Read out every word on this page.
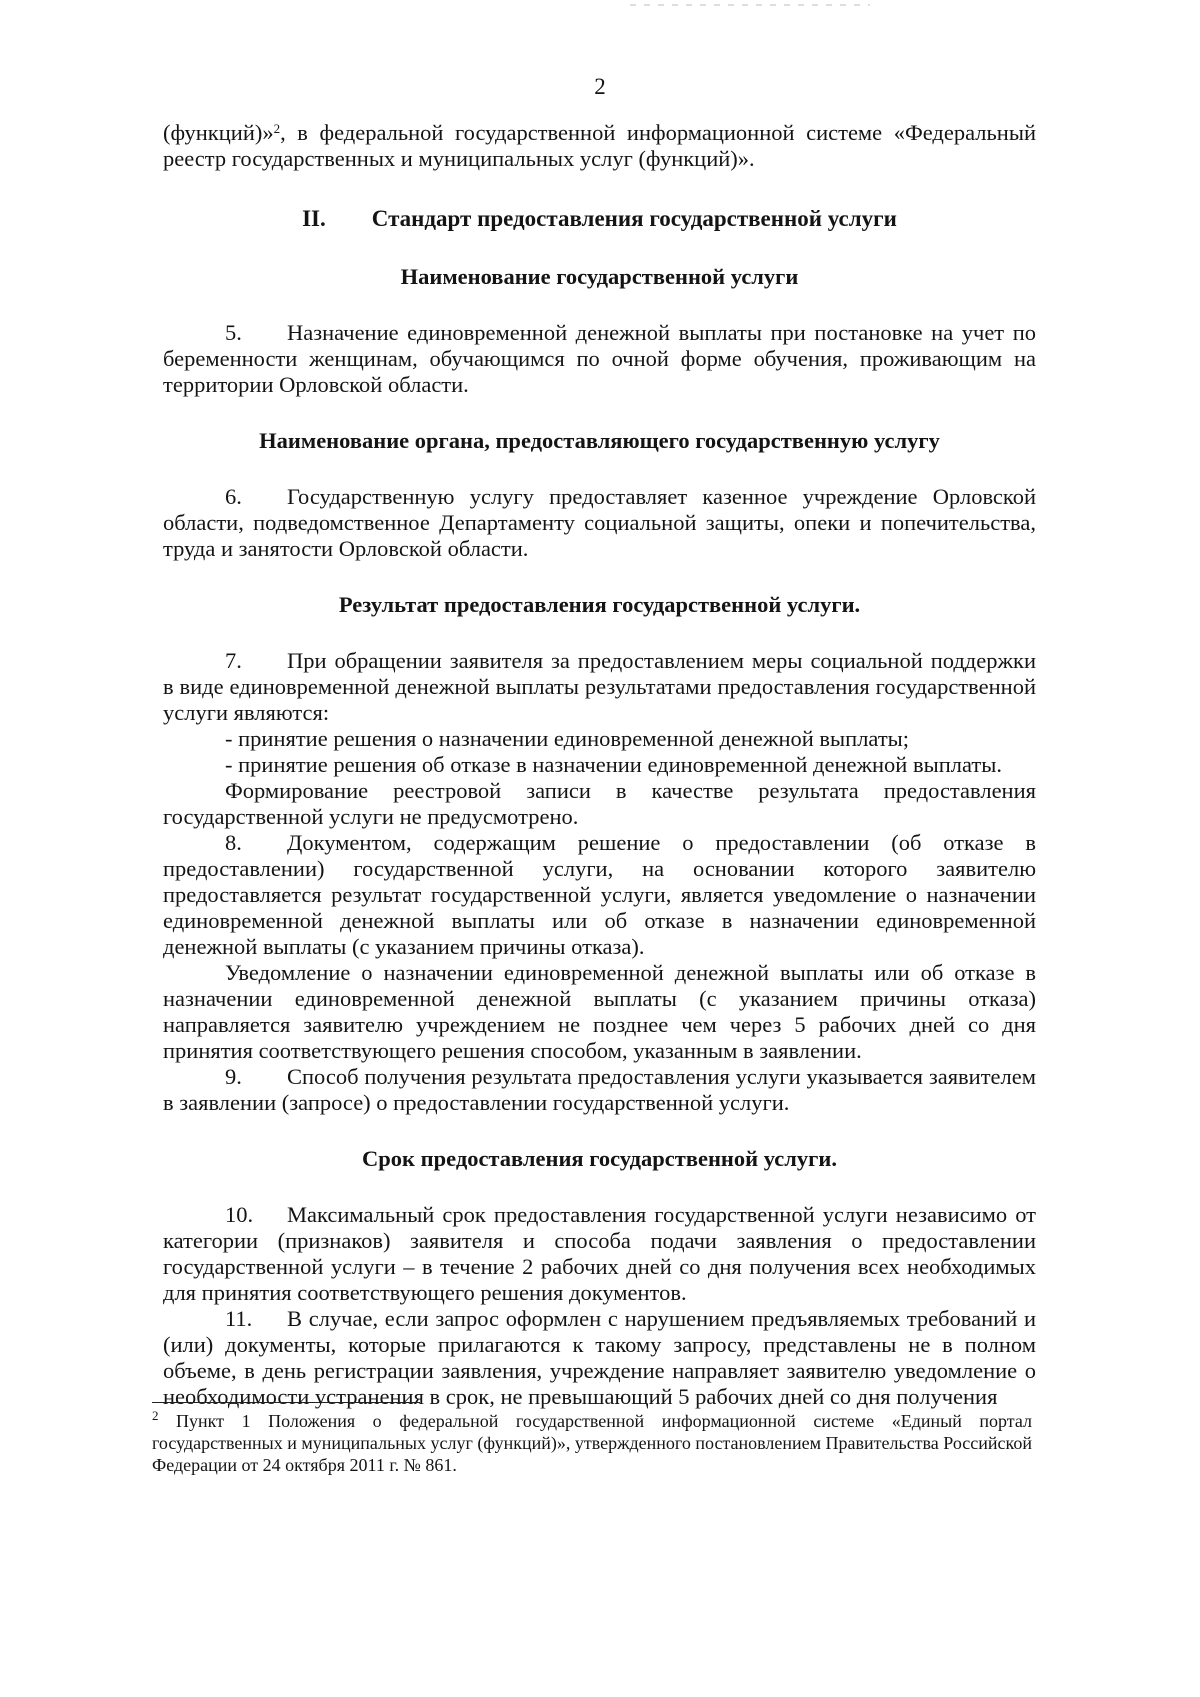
2

(функций)»$^2$, в федеральной государственной информационной системе «Федеральный реестр государственных и муниципальных услуг (функций)».

II. Стандарт предоставления государственной услуги
Наименование государственной услуги

5. Назначение единовременной денежной выплаты при постановке на учет по беременности женщинам, обучающимся по очной форме обучения, проживающим на территории Орловской области.

Наименование органа, предоставляющего государственную услугу

6. Государственную услугу предоставляет казенное учреждение Орловской области, подведомственное Департаменту социальной защиты, опеки и попечительства, труда и занятости Орловской области.

Результат предоставления государственной услуги.

7. При обращении заявителя за предоставлением меры социальной поддержки в виде единовременной денежной выплаты результатами предоставления государственной услуги являются:

- принятие решения о назначении единовременной денежной выплаты;

- принятие решения об отказе в назначении единовременной денежной выплаты.

Формирование реестровой записи в качестве результата предоставления государственной услуги не предусмотрено.

8. Документом, содержащим решение о предоставлении (об отказе в предоставлении) государственной услуги, на основании которого заявителю предоставляется результат государственной услуги, является уведомление о назначении единовременной денежной выплаты или об отказе в назначении единовременной денежной выплаты (с указанием причины отказа).

Уведомление о назначении единовременной денежной выплаты или об отказе в назначении единовременной денежной выплаты (с указанием причины отказа) направляется заявителю учреждением не позднее чем через 5 рабочих дней со дня принятия соответствующего решения способом, указанным в заявлении.

9. Способ получения результата предоставления услуги указывается заявителем в заявлении (запросе) о предоставлении государственной услуги.

Срок предоставления государственной услуги.

10. Максимальный срок предоставления государственной услуги независимо от категории (признаков) заявителя и способа подачи заявления о предоставлении государственной услуги – в течение 2 рабочих дней со дня получения всех необходимых для принятия соответствующего решения документов.

11. В случае, если запрос оформлен с нарушением предъявляемых требований и (или) документы, которые прилагаются к такому запросу, представлены не в полном объеме, в день регистрации заявления, учреждение направляет заявителю уведомление о необходимости устранения в срок, не превышающий 5 рабочих дней со дня получения

$^2$ Пункт 1 Положения о федеральной государственной информационной системе «Единый портал государственных и муниципальных услуг (функций)», утвержденного постановлением Правительства Российской Федерации от 24 октября 2011 г. № 861.
